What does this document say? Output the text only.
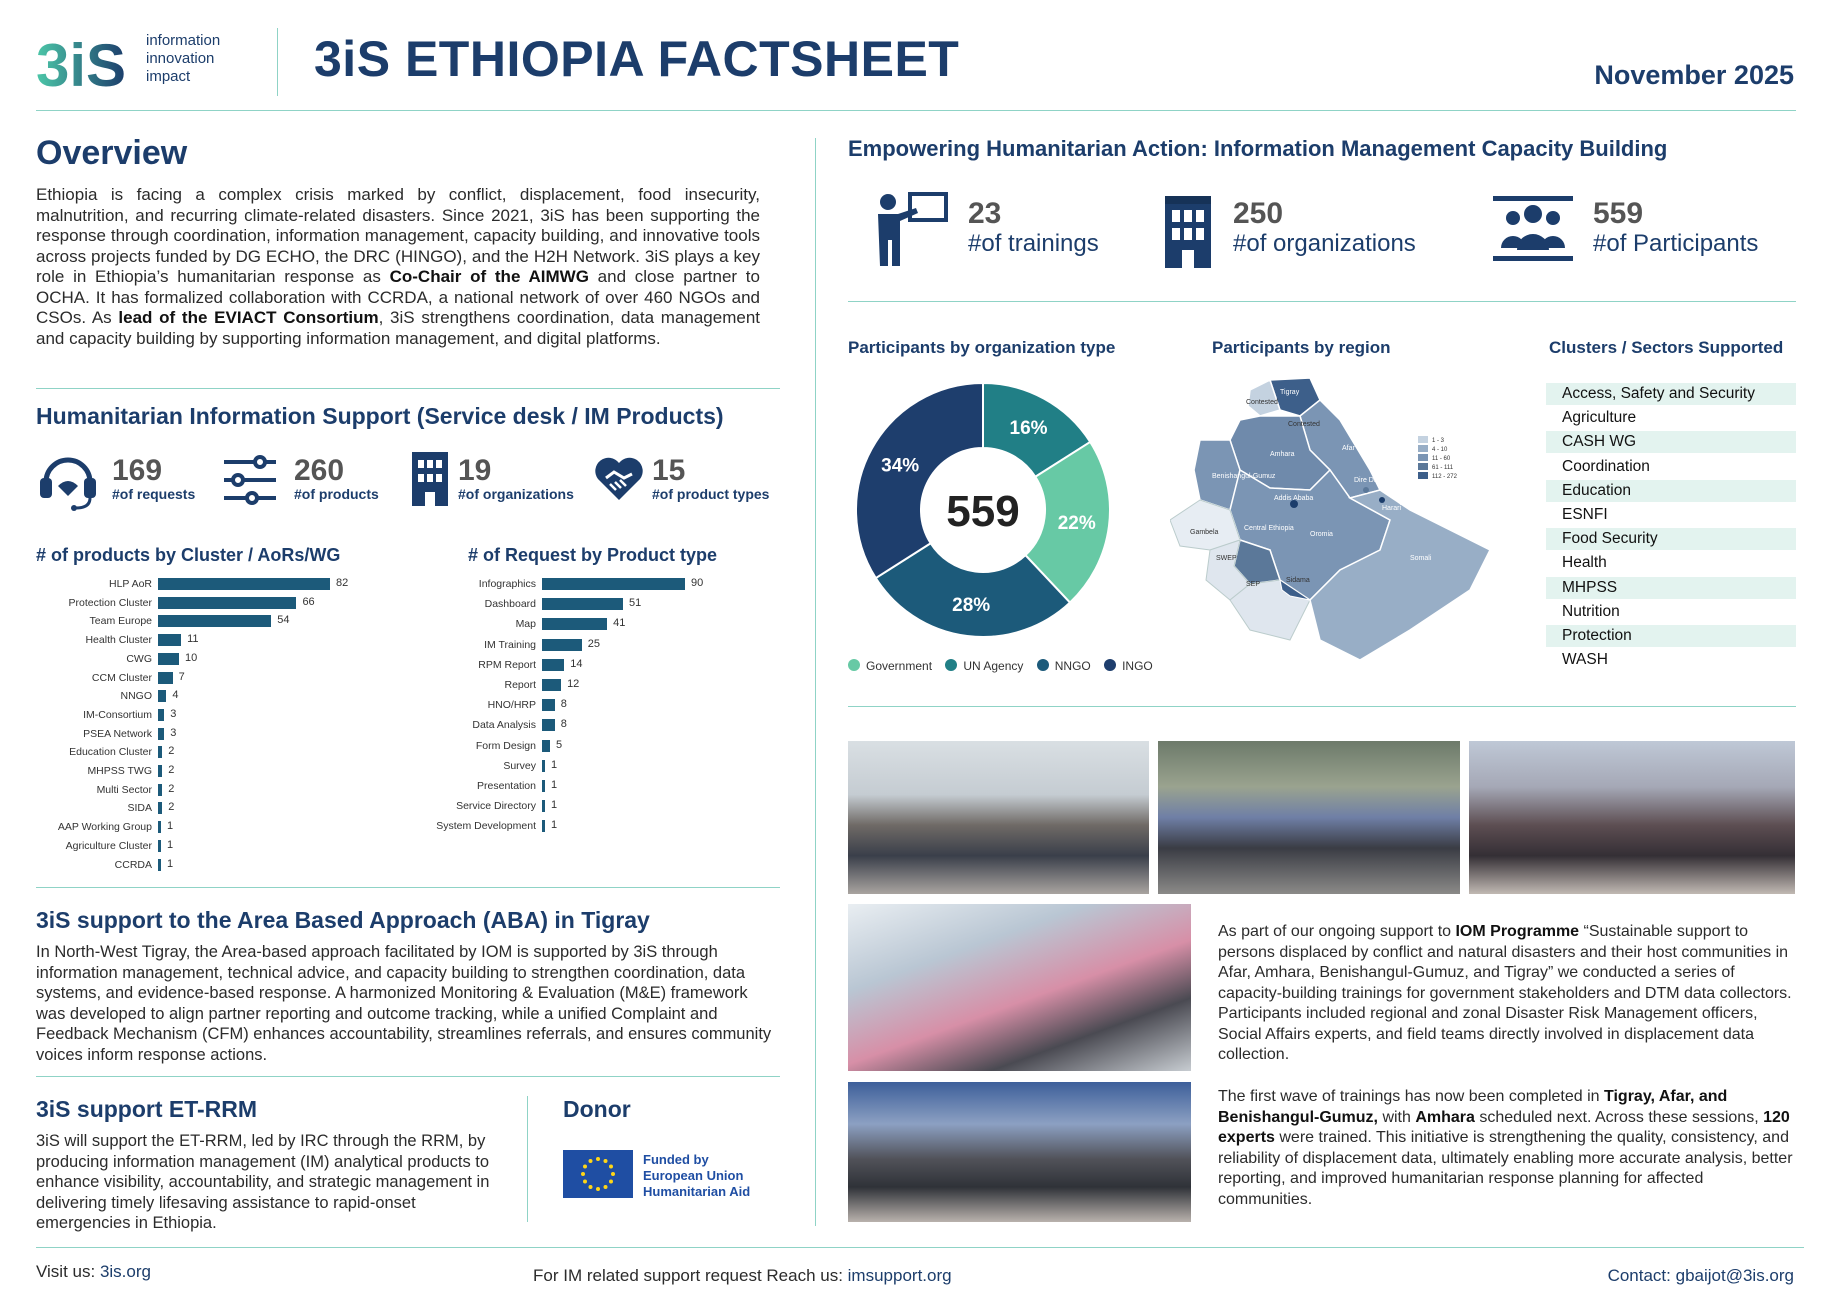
3iS information
innovation
impact	3iS ETHIOPIA FACTSHEET	November 2025
Overview

Ethiopia is facing a complex crisis marked by conflict, displacement, food insecurity, malnutrition, and recurring climate-related disasters. Since 2021, 3iS has been supporting the response through coordination, information management, capacity building, and innovative tools across projects funded by DG ECHO, the DRC (HINGO), and the H2H Network. 3iS plays a key role in Ethiopia’s humanitarian response as Co-Chair of the AIMWG and close partner to OCHA. It has formalized collaboration with CCRDA, a national network of over 460 NGOs and CSOs. As lead of the EVIACT Consortium, 3iS strengthens coordination, data management and capacity building by supporting information management, and digital platforms.

Humanitarian Information Support (Service desk / IM Products)
169
#of requests
260
#of products
19
#of organizations
15
#of product types
# of products by Cluster / AoRs/WG	# of Request by Product type
HLP AoR	82
Protection Cluster	66
Team Europe	54
Health Cluster	11
CWG	10
CCM Cluster 7
NNGO 4
IM-Consortium 3
PSEA Network 3
Education Cluster 2
MHPSS TWG 2
Multi Sector 2
SIDA 2
AAP Working Group 1
Agriculture Cluster 1
CCRDA 1
Infographics	90
Dashboard	51
Map	41
IM Training	25
RPM Report	14
Report	12
HNO/HRP 8
Data Analysis 8
Form Design 5
Survey 1
Presentation 1
Service Directory 1
System Development 1
3iS support to the Area Based Approach (ABA) in Tigray

In North-West Tigray, the Area-based approach facilitated by IOM is supported by 3iS through information management, technical advice, and capacity building to strengthen coordination, data systems, and evidence-based response. A harmonized Monitoring & Evaluation (M&E) framework was developed to align partner reporting and outcome tracking, while a unified Complaint and Feedback Mechanism (CFM) enhances accountability, streamlines referrals, and ensures community voices inform response actions.

3iS support ET-RRM

3iS will support the ET-RRM, led by IRC through the RRM, by producing information management (IM) analytical products to enhance visibility, accountability, and strategic management in delivering timely lifesaving assistance to rapid-onset emergencies in Ethiopia.

Donor
Funded by
European Union
Humanitarian Aid
Empowering Humanitarian Action: Information Management Capacity Building
23
#of trainings
250
#of organizations
559
#of Participants
Participants by organization type	Participants by region	Clusters / Sectors Supported
16%
22%
28%
34%
559
Government	UN Agency	NNGO	INGO
Tigray
Contested
Contested
Afar
Amhara
Benishangul-Gumuz
Dire Dawa
Harari
Addis Ababa
Gambela
Central Ethiopia
Oromia
SWEP
Sidama
Somali
SEP
1 - 3
4 - 10
11 - 60
61 - 111
112 - 272
Access, Safety and Security
Agriculture
CASH WG
Coordination
Education
ESNFI
Food Security
Health
MHPSS
Nutrition
Protection
WASH

As part of our ongoing support to IOM Programme “Sustainable support to persons displaced by conflict and natural disasters and their host communities in Afar, Amhara, Benishangul-Gumuz, and Tigray” we conducted a series of capacity-building trainings for government stakeholders and DTM data collectors. Participants included regional and zonal Disaster Risk Management officers, Social Affairs experts, and field teams directly involved in displacement data collection.

The first wave of trainings has now been completed in Tigray, Afar, and Benishangul-Gumuz, with Amhara scheduled next. Across these sessions, 120 experts were trained. This initiative is strengthening the quality, consistency, and reliability of displacement data, ultimately enabling more accurate analysis, better reporting, and improved humanitarian response planning for affected communities.

Visit us: 3is.org	For IM related support request Reach us: imsupport.org	Contact: gbaijot@3is.org
